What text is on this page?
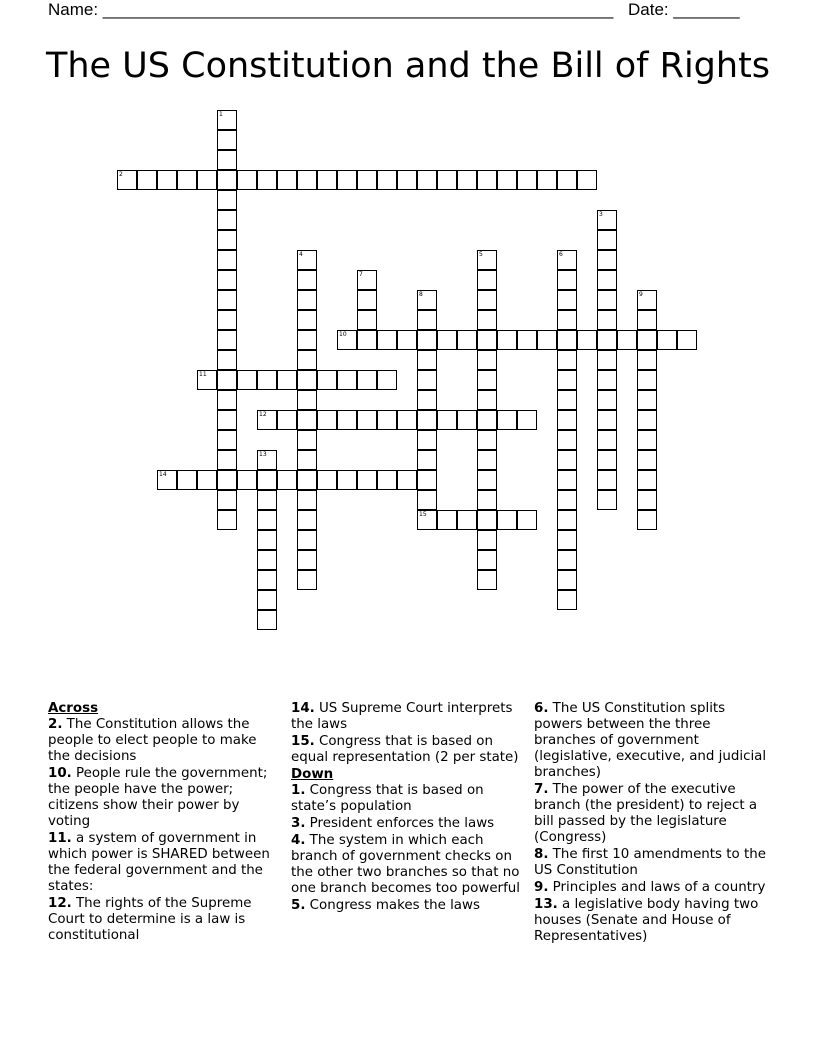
Name: ______________________________________________________ Date: _______
The US Constitution and the Bill of Rights
1
2
3
4	5	6
7
8
15
9
10
11
12
13
14
Across
2. The Constitution allows the people to elect people to make the decisions
10. People rule the government; the people have the power; citizens show their power by voting
11. a system of government in which power is SHARED between the federal government and the states:
12. The rights of the Supreme Court to determine is a law is constitutional
14. US Supreme Court interprets the laws
15. Congress that is based on equal representation (2 per state)
Down
1. Congress that is based on state’s population
3. President enforces the laws
4. The system in which each branch of government checks on the other two branches so that no one branch becomes too powerful
5. Congress makes the laws
6. The US Constitution splits powers between the three branches of government (legislative, executive, and judicial branches)
7. The power of the executive branch (the president) to reject a bill passed by the legislature (Congress)
8. The first 10 amendments to the US Constitution
9. Principles and laws of a country
13. a legislative body having two houses (Senate and House of Representatives)
